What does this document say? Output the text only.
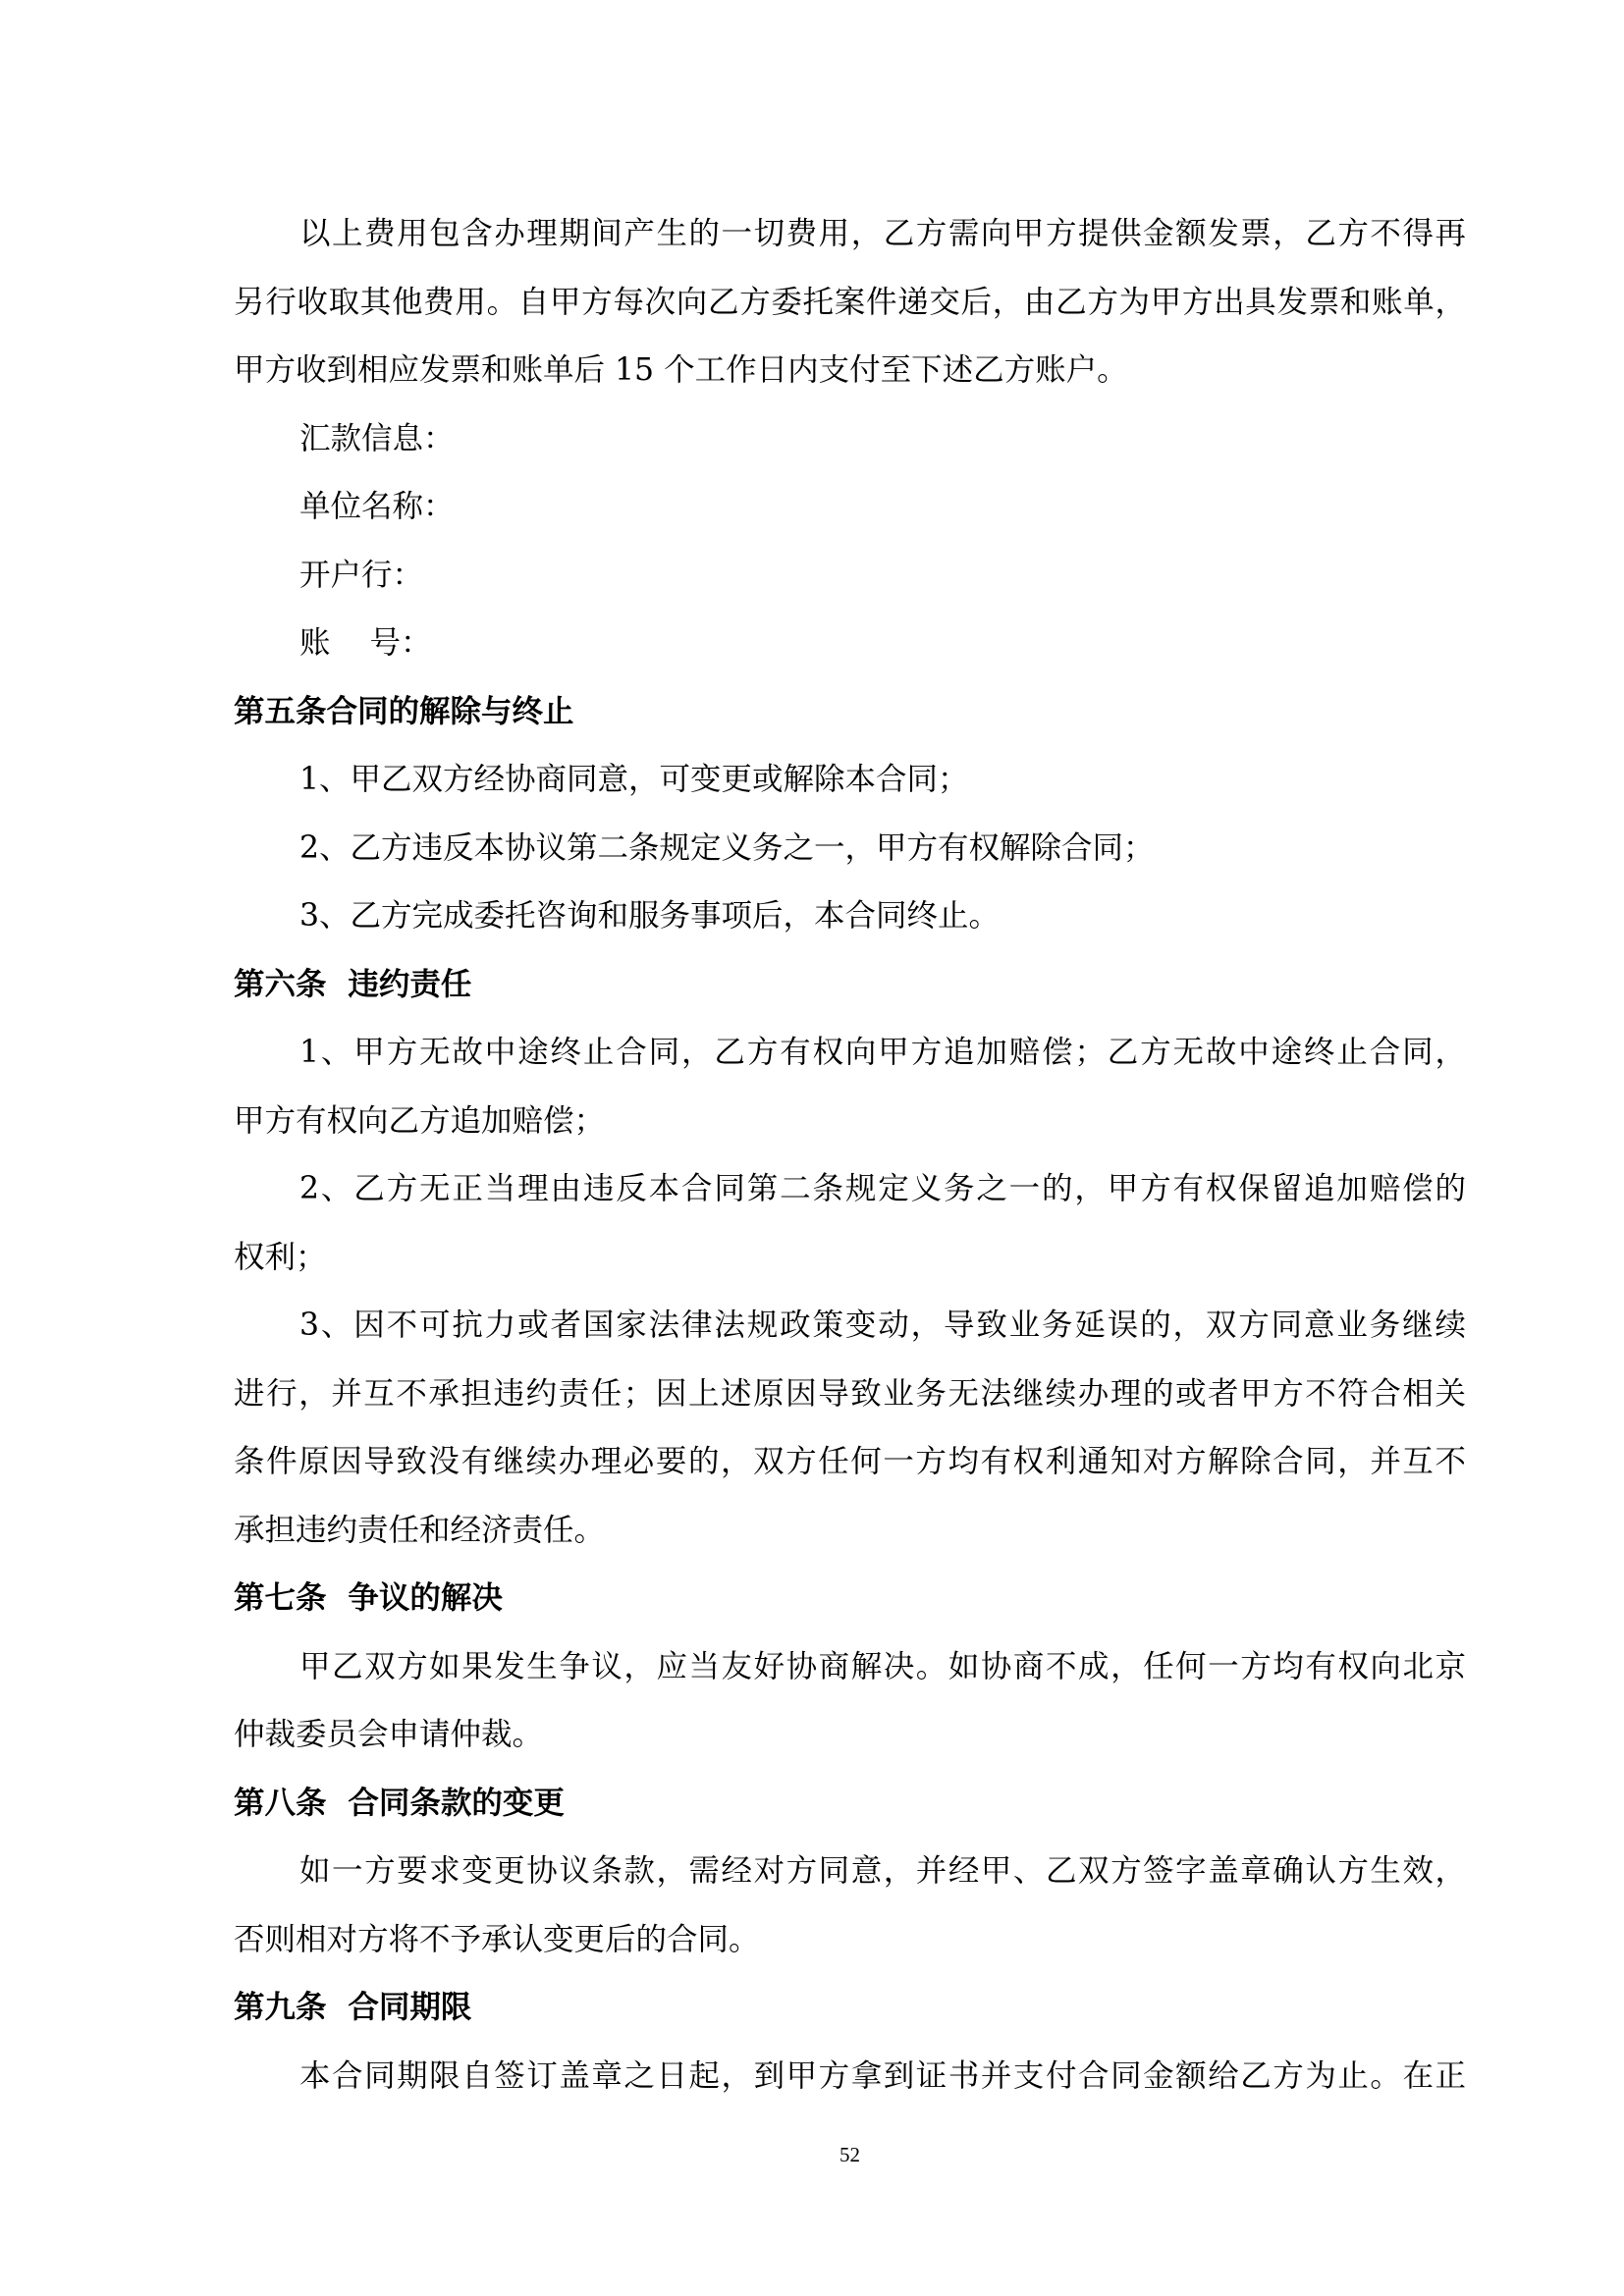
以上费用包含办理期间产生的一切费用，乙方需向甲方提供金额发票，乙方不得再
另行收取其他费用。自甲方每次向乙方委托案件递交后，由乙方为甲方出具发票和账单，
甲方收到相应发票和账单后 15 个工作日内支付至下述乙方账户。
汇款信息：
单位名称：
开户行：
账    号：
第五条合同的解除与终止
1、甲乙双方经协商同意，可变更或解除本合同；
2、乙方违反本协议第二条规定义务之一，甲方有权解除合同；
3、乙方完成委托咨询和服务事项后，本合同终止。
第六条  违约责任
1、甲方无故中途终止合同，乙方有权向甲方追加赔偿；乙方无故中途终止合同，
甲方有权向乙方追加赔偿；
2、乙方无正当理由违反本合同第二条规定义务之一的，甲方有权保留追加赔偿的
权利；
3、因不可抗力或者国家法律法规政策变动，导致业务延误的，双方同意业务继续
进行，并互不承担违约责任；因上述原因导致业务无法继续办理的或者甲方不符合相关
条件原因导致没有继续办理必要的，双方任何一方均有权利通知对方解除合同，并互不
承担违约责任和经济责任。
第七条  争议的解决
甲乙双方如果发生争议，应当友好协商解决。如协商不成，任何一方均有权向北京
仲裁委员会申请仲裁。
第八条  合同条款的变更
如一方要求变更协议条款，需经对方同意，并经甲、乙双方签字盖章确认方生效，
否则相对方将不予承认变更后的合同。
第九条  合同期限
本合同期限自签订盖章之日起，到甲方拿到证书并支付合同金额给乙方为止。在正
52
